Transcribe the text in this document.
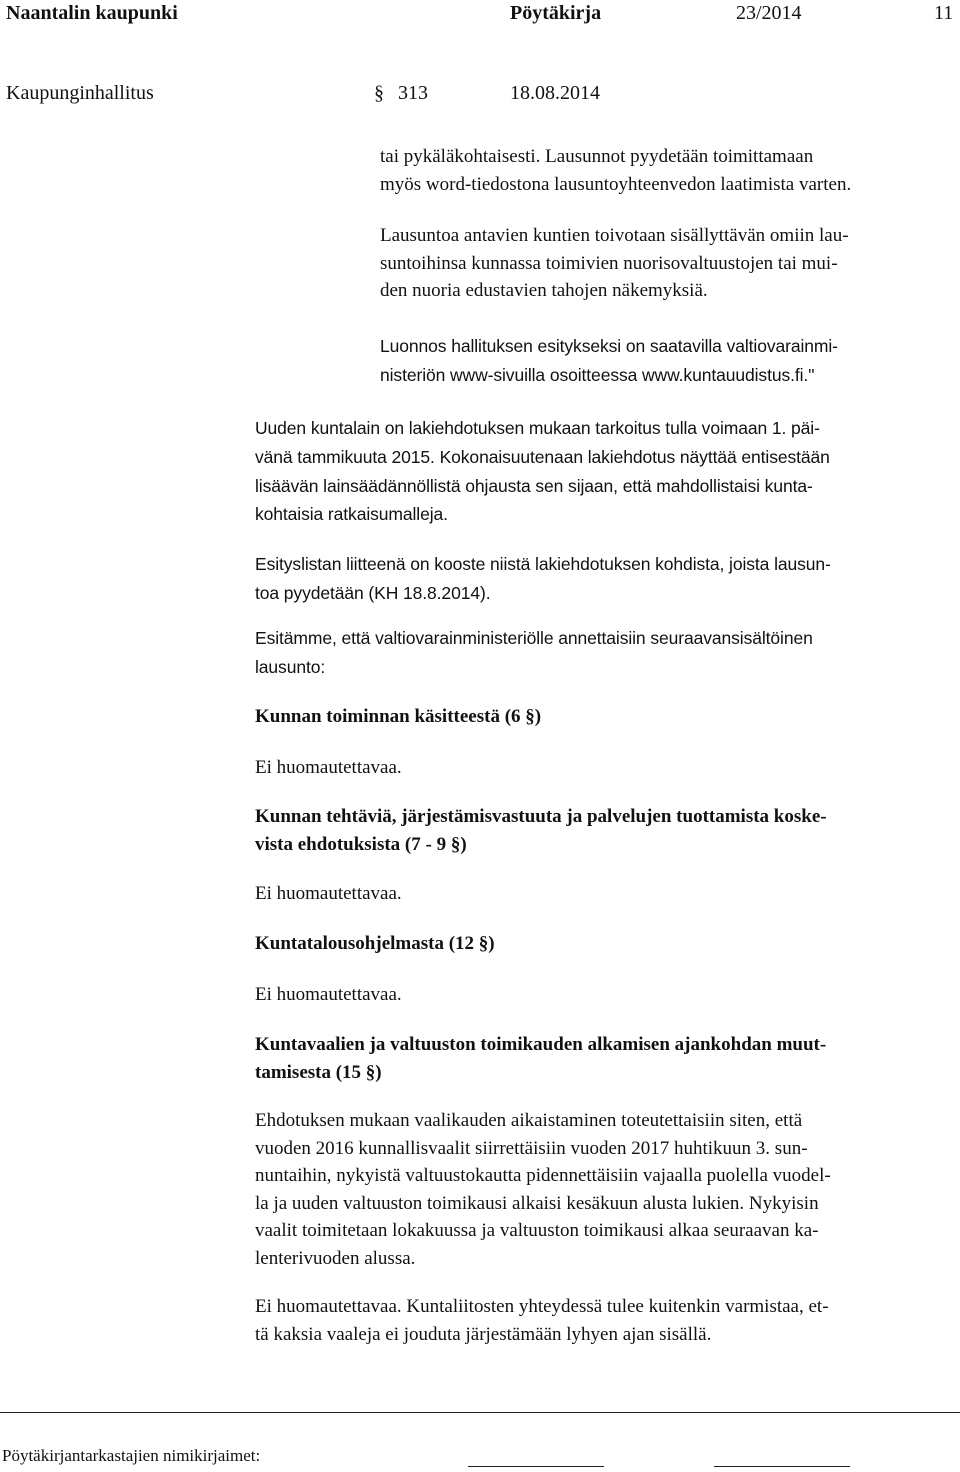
Naantalin kaupunki	Pöytäkirja	23/2014	11
Kaupunginhallitus	§ 313	18.08.2014
tai pykäläkohtaisesti. Lausunnot pyydetään toimittamaan
myös word-tiedostona lausuntoyhteenvedon laatimista varten.
Lausuntoa antavien kuntien toivotaan sisällyttävän omiin lau-
suntoihinsa kunnassa toimivien nuorisovaltuustojen tai mui-
den nuoria edustavien tahojen näkemyksiä.
Luonnos hallituksen esitykseksi on saatavilla valtiovarainmi-
nisteriön www-sivuilla osoitteessa www.kuntauudistus.fi."
Uuden kuntalain on lakiehdotuksen mukaan tarkoitus tulla voimaan 1. päi-
vänä tammikuuta 2015. Kokonaisuutenaan lakiehdotus näyttää entisestään
lisäävän lainsäädännöllistä ohjausta sen sijaan, että mahdollistaisi kunta-
kohtaisia ratkaisumalleja.
Esityslistan liitteenä on kooste niistä lakiehdotuksen kohdista, joista lausun-
toa pyydetään (KH 18.8.2014).
Esitämme, että valtiovarainministeriölle annettaisiin seuraavansisältöinen
lausunto:
Kunnan toiminnan käsitteestä (6 §)
Ei huomautettavaa.
Kunnan tehtäviä, järjestämisvastuuta ja palvelujen tuottamista koske-
vista ehdotuksista (7 - 9 §)
Ei huomautettavaa.
Kuntatalousohjelmasta (12 §)
Ei huomautettavaa.
Kuntavaalien ja valtuuston toimikauden alkamisen ajankohdan muut-
tamisesta (15 §)
Ehdotuksen mukaan vaalikauden aikaistaminen toteutettaisiin siten, että
vuoden 2016 kunnallisvaalit siirrettäisiin vuoden 2017 huhtikuun 3. sun-
nuntaihin, nykyistä valtuustokautta pidennettäisiin vajaalla puolella vuodel-
la ja uuden valtuuston toimikausi alkaisi kesäkuun alusta lukien. Nykyisin
vaalit toimitetaan lokakuussa ja valtuuston toimikausi alkaa seuraavan ka-
lenterivuoden alussa.
Ei huomautettavaa. Kuntaliitosten yhteydessä tulee kuitenkin varmistaa, et-
tä kaksia vaaleja ei jouduta järjestämään lyhyen ajan sisällä.
Pöytäkirjantarkastajien nimikirjaimet:
